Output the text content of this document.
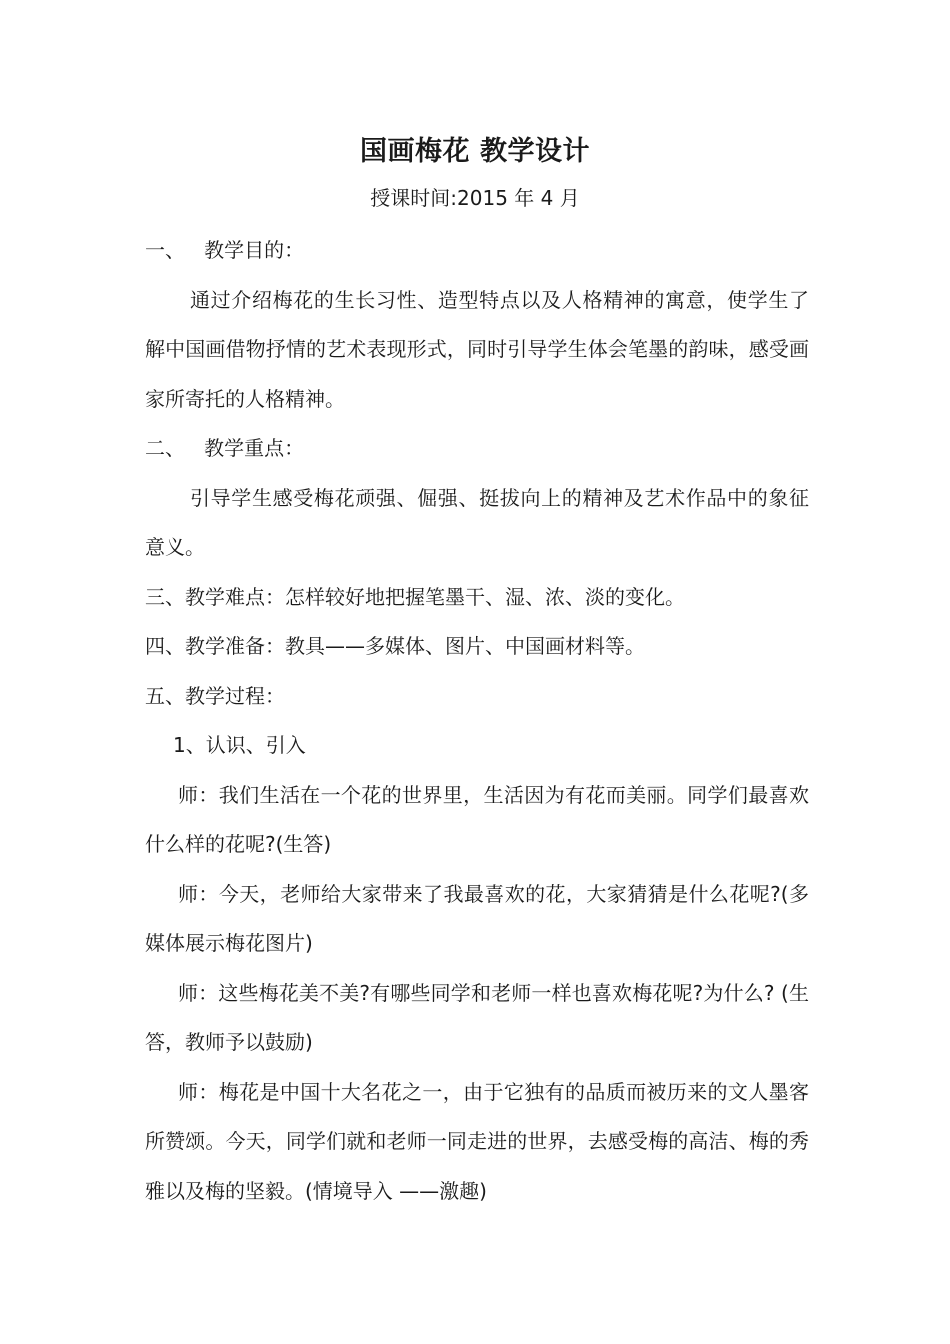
国画梅花 教学设计
授课时间:2015 年 4 月

一、   教学目的：

通过介绍梅花的生长习性、造型特点以及人格精神的寓意，使学生了解中国画借物抒情的艺术表现形式，同时引导学生体会笔墨的韵味，感受画家所寄托的人格精神。

二、   教学重点：

引导学生感受梅花顽强、倔强、挺拔向上的精神及艺术作品中的象征意义。

三、教学难点：怎样较好地把握笔墨干、湿、浓、淡的变化。

四、教学准备：教具——多媒体、图片、中国画材料等。

五、教学过程：

1、认识、引入

师：我们生活在一个花的世界里，生活因为有花而美丽。同学们最喜欢什么样的花呢?(生答)

师：今天，老师给大家带来了我最喜欢的花，大家猜猜是什么花呢?(多媒体展示梅花图片)

师：这些梅花美不美?有哪些同学和老师一样也喜欢梅花呢?为什么? (生答，教师予以鼓励)

师：梅花是中国十大名花之一，由于它独有的品质而被历来的文人墨客所赞颂。今天，同学们就和老师一同走进的世界，去感受梅的高洁、梅的秀雅以及梅的坚毅。(情境导入 ——激趣)
